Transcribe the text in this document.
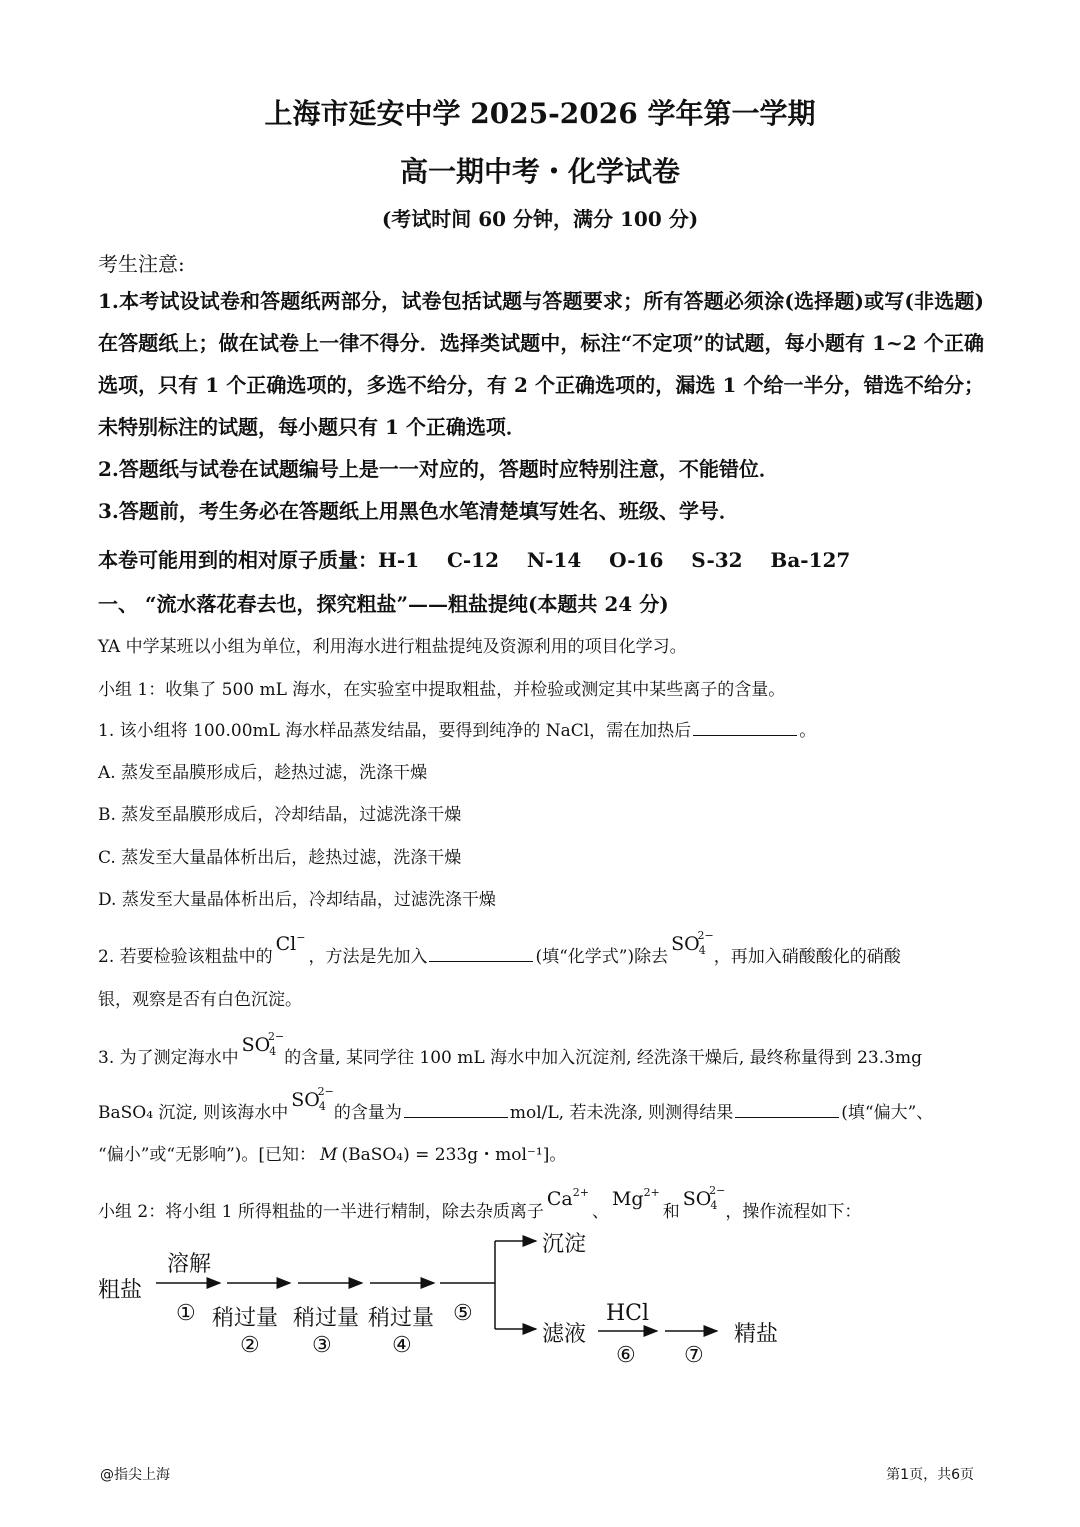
上海市延安中学 2025-2026 学年第一学期
高一期中考・化学试卷
(考试时间 60 分钟，满分 100 分)
考生注意:
1.本考试设试卷和答题纸两部分，试卷包括试题与答题要求；所有答题必须涂(选择题)或写(非选题)在答题纸上；做在试卷上一律不得分．选择类试题中，标注“不定项”的试题，每小题有 1~2 个正确选项，只有 1 个正确选项的，多选不给分，有 2 个正确选项的，漏选 1 个给一半分，错选不给分；未特别标注的试题，每小题只有 1 个正确选项．
2.答题纸与试卷在试题编号上是一一对应的，答题时应特别注意，不能错位．
3.答题前，考生务必在答题纸上用黑色水笔清楚填写姓名、班级、学号．
本卷可能用到的相对原子质量：H-1    C-12    N-14    O-16    S-32    Ba-127
一、 “流水落花春去也，探究粗盐”——粗盐提纯(本题共 24 分)
YA 中学某班以小组为单位，利用海水进行粗盐提纯及资源利用的项目化学习。
小组 1：收集了 500 mL 海水，在实验室中提取粗盐，并检验或测定其中某些离子的含量。
1. 该小组将 100.00mL 海水样品蒸发结晶，要得到纯净的 NaCl，需在加热后	。
A. 蒸发至晶膜形成后，趁热过滤，洗涤干燥
B. 蒸发至晶膜形成后，冷却结晶，过滤洗涤干燥
C. 蒸发至大量晶体析出后，趁热过滤，洗涤干燥
D. 蒸发至大量晶体析出后，冷却结晶，过滤洗涤干燥
2. 若要检验该粗盐中的Cl−，方法是先加入	(填“化学式”)除去SO
2−
4 ，再加入硝酸酸化的硝酸
银，观察是否有白色沉淀。
3. 为了测定海水中SO
2−
4 的含量, 某同学往 100 mL 海水中加入沉淀剂, 经洗涤干燥后, 最终称量得到 23.3mg
BaSO₄ 沉淀, 则该海水中SO
2−
4 的含量为	mol/L, 若未洗涤, 则测得结果	(填“偏大”、
“偏小”或“无影响”)。[已知： M (BaSO₄) = 233g・mol⁻¹]。
小组 2：将小组 1 所得粗盐的一半进行精制，除去杂质离子$Ca^{2+}$、$Mg^{2+}$和SO
2−
4 ，操作流程如下：
粗盐
溶解
① 稍过量 稍过量 稍过量
② ③	④
⑤
沉淀
滤液
HCl
⑥ ⑦
精盐
@指尖上海	第1页，共6页
